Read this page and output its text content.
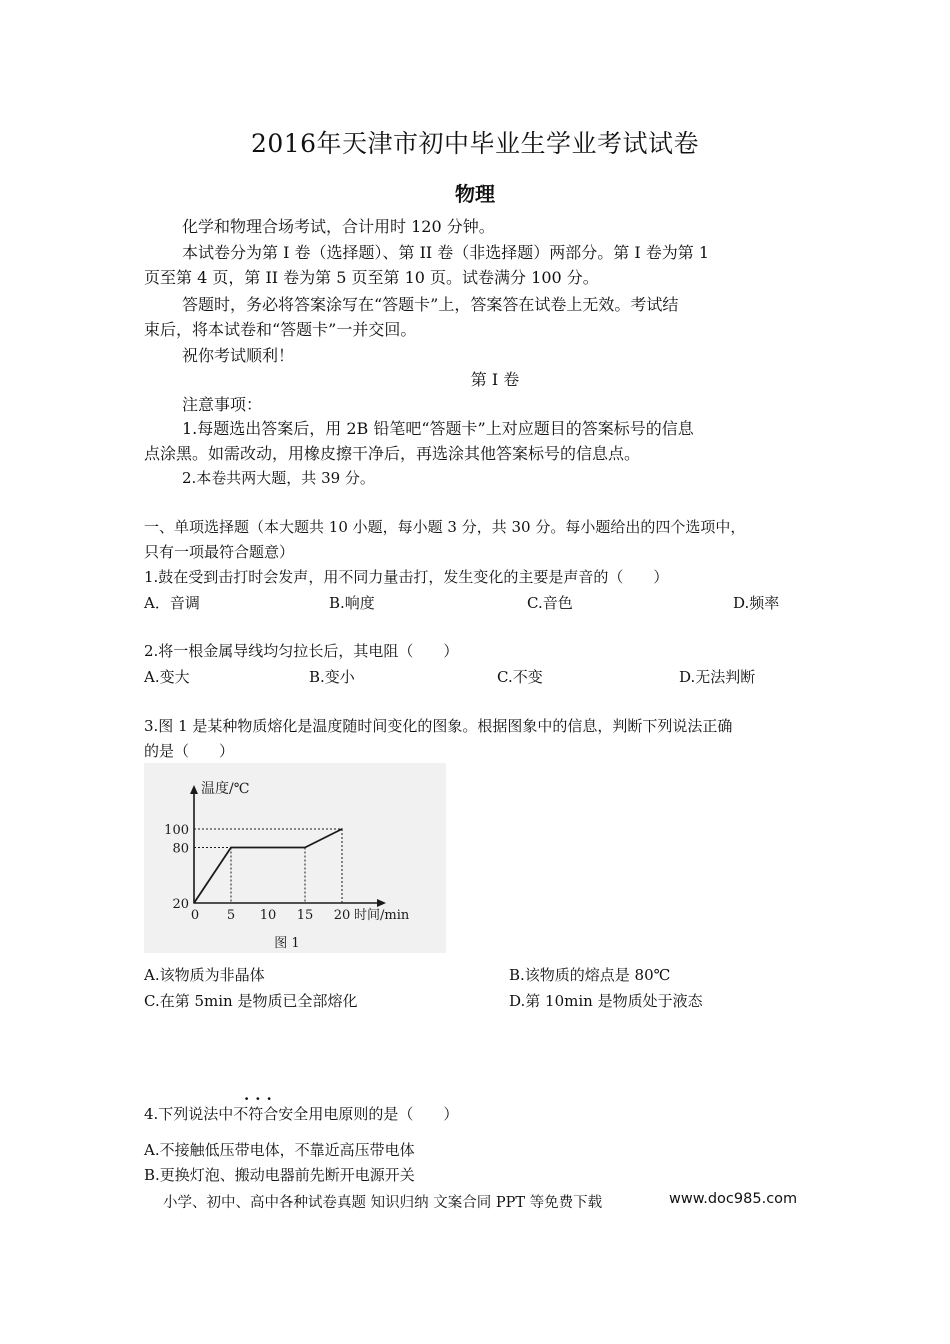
2016年天津市初中毕业生学业考试试卷
物理
化学和物理合场考试，合计用时 120 分钟。
本试卷分为第 I 卷（选择题）、第 II 卷（非选择题）两部分。第 I 卷为第 1
页至第 4 页，第 II 卷为第 5 页至第 10 页。试卷满分 100 分。
答题时，务必将答案涂写在“答题卡”上，答案答在试卷上无效。考试结
束后，将本试卷和“答题卡”一并交回。
祝你考试顺利！
第 I 卷
注意事项：
1.每题选出答案后，用 2B 铅笔吧“答题卡”上对应题目的答案标号的信息
点涂黑。如需改动，用橡皮擦干净后，再选涂其他答案标号的信息点。
2.本卷共两大题，共 39 分。
一、单项选择题（本大题共 10 小题，每小题 3 分，共 30 分。每小题给出的四个选项中，
只有一项最符合题意）
1.鼓在受到击打时会发声，用不同力量击打，发生变化的主要是声音的（　　）
A．音调	B.响度	C.音色	D.频率
2.将一根金属导线均匀拉长后，其电阻（　　）
A.变大	B.变小	C.不变	D.无法判断
3.图 1 是某种物质熔化是温度随时间变化的图象。根据图象中的信息，判断下列说法正确
的是（　　）
20
80
100
0 5 10 15 20
温度/℃
时间/min
图 1
A.该物质为非晶体	B.该物质的熔点是 80℃
C.在第 5min 是物质已全部熔化	D.第 10min 是物质处于液态
···
4.下列说法中不符合安全用电原则的是（　　）
A.不接触低压带电体，不靠近高压带电体
B.更换灯泡、搬动电器前先断开电源开关
小学、初中、高中各种试卷真题 知识归纳 文案合同 PPT 等免费下载	www.doc985.com
